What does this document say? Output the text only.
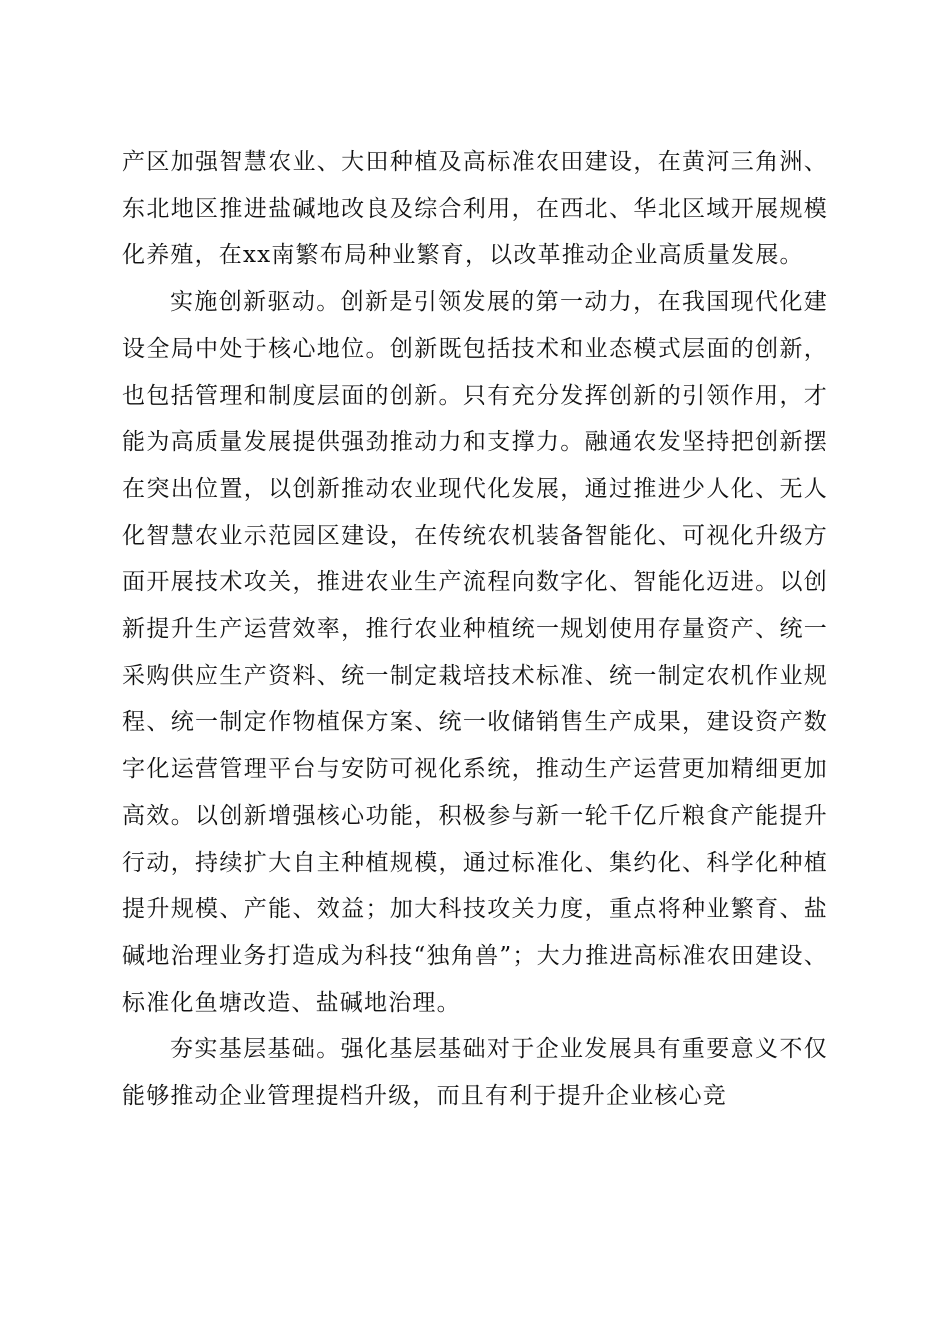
产区加强智慧农业、大田种植及高标准农田建设，在黄河三角洲、东北地区推进盐碱地改良及综合利用，在西北、华北区域开展规模化养殖，在xx南繁布局种业繁育，以改革推动企业高质量发展。

实施创新驱动。创新是引领发展的第一动力，在我国现代化建设全局中处于核心地位。创新既包括技术和业态模式层面的创新，也包括管理和制度层面的创新。只有充分发挥创新的引领作用，才能为高质量发展提供强劲推动力和支撑力。融通农发坚持把创新摆在突出位置，以创新推动农业现代化发展，通过推进少人化、无人化智慧农业示范园区建设，在传统农机装备智能化、可视化升级方面开展技术攻关，推进农业生产流程向数字化、智能化迈进。以创新提升生产运营效率，推行农业种植统一规划使用存量资产、统一采购供应生产资料、统一制定栽培技术标准、统一制定农机作业规程、统一制定作物植保方案、统一收储销售生产成果，建设资产数字化运营管理平台与安防可视化系统，推动生产运营更加精细更加高效。以创新增强核心功能，积极参与新一轮千亿斤粮食产能提升行动，持续扩大自主种植规模，通过标准化、集约化、科学化种植提升规模、产能、效益；加大科技攻关力度，重点将种业繁育、盐碱地治理业务打造成为科技“独角兽”；大力推进高标准农田建设、标准化鱼塘改造、盐碱地治理。

夯实基层基础。强化基层基础对于企业发展具有重要意义不仅能够推动企业管理提档升级，而且有利于提升企业核心竞
